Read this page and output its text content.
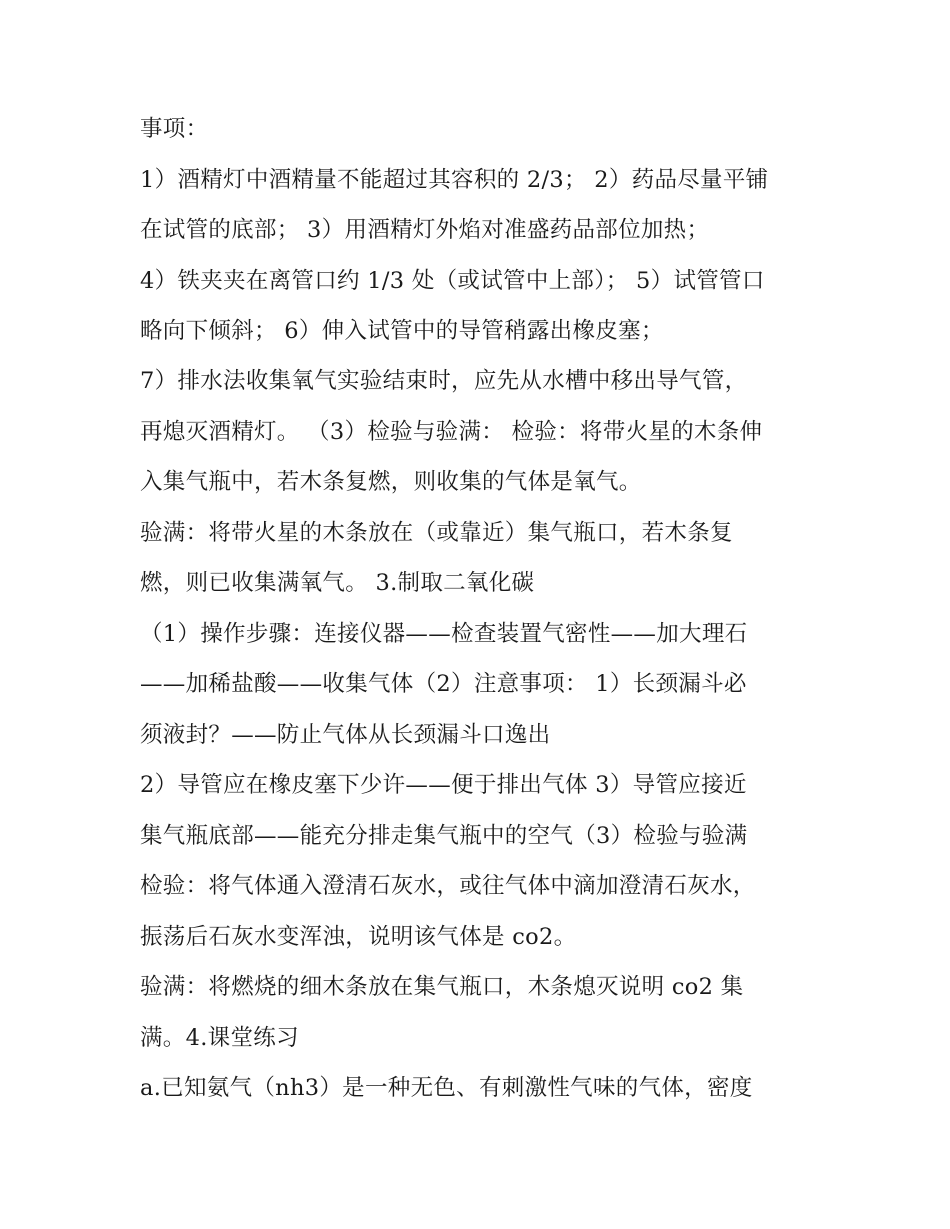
事项：
1）酒精灯中酒精量不能超过其容积的 2/3； 2）药品尽量平铺
在试管的底部； 3）用酒精灯外焰对准盛药品部位加热；
4）铁夹夹在离管口约 1/3 处（或试管中上部）； 5）试管管口
略向下倾斜； 6）伸入试管中的导管稍露出橡皮塞；
7）排水法收集氧气实验结束时，应先从水槽中移出导气管，
再熄灭酒精灯。 （3）检验与验满： 检验：将带火星的木条伸
入集气瓶中，若木条复燃，则收集的气体是氧气。
验满：将带火星的木条放在（或靠近）集气瓶口，若木条复
燃，则已收集满氧气。 3.制取二氧化碳
（1）操作步骤：连接仪器——检查装置气密性——加大理石
——加稀盐酸——收集气体（2）注意事项： 1）长颈漏斗必
须液封？——防止气体从长颈漏斗口逸出
2）导管应在橡皮塞下少许——便于排出气体 3）导管应接近
集气瓶底部——能充分排走集气瓶中的空气（3）检验与验满
检验：将气体通入澄清石灰水，或往气体中滴加澄清石灰水，
振荡后石灰水变浑浊，说明该气体是 co2。
验满：将燃烧的细木条放在集气瓶口，木条熄灭说明 co2 集
满。4.课堂练习
a.已知氨气（nh3）是一种无色、有刺激性气味的气体，密度
